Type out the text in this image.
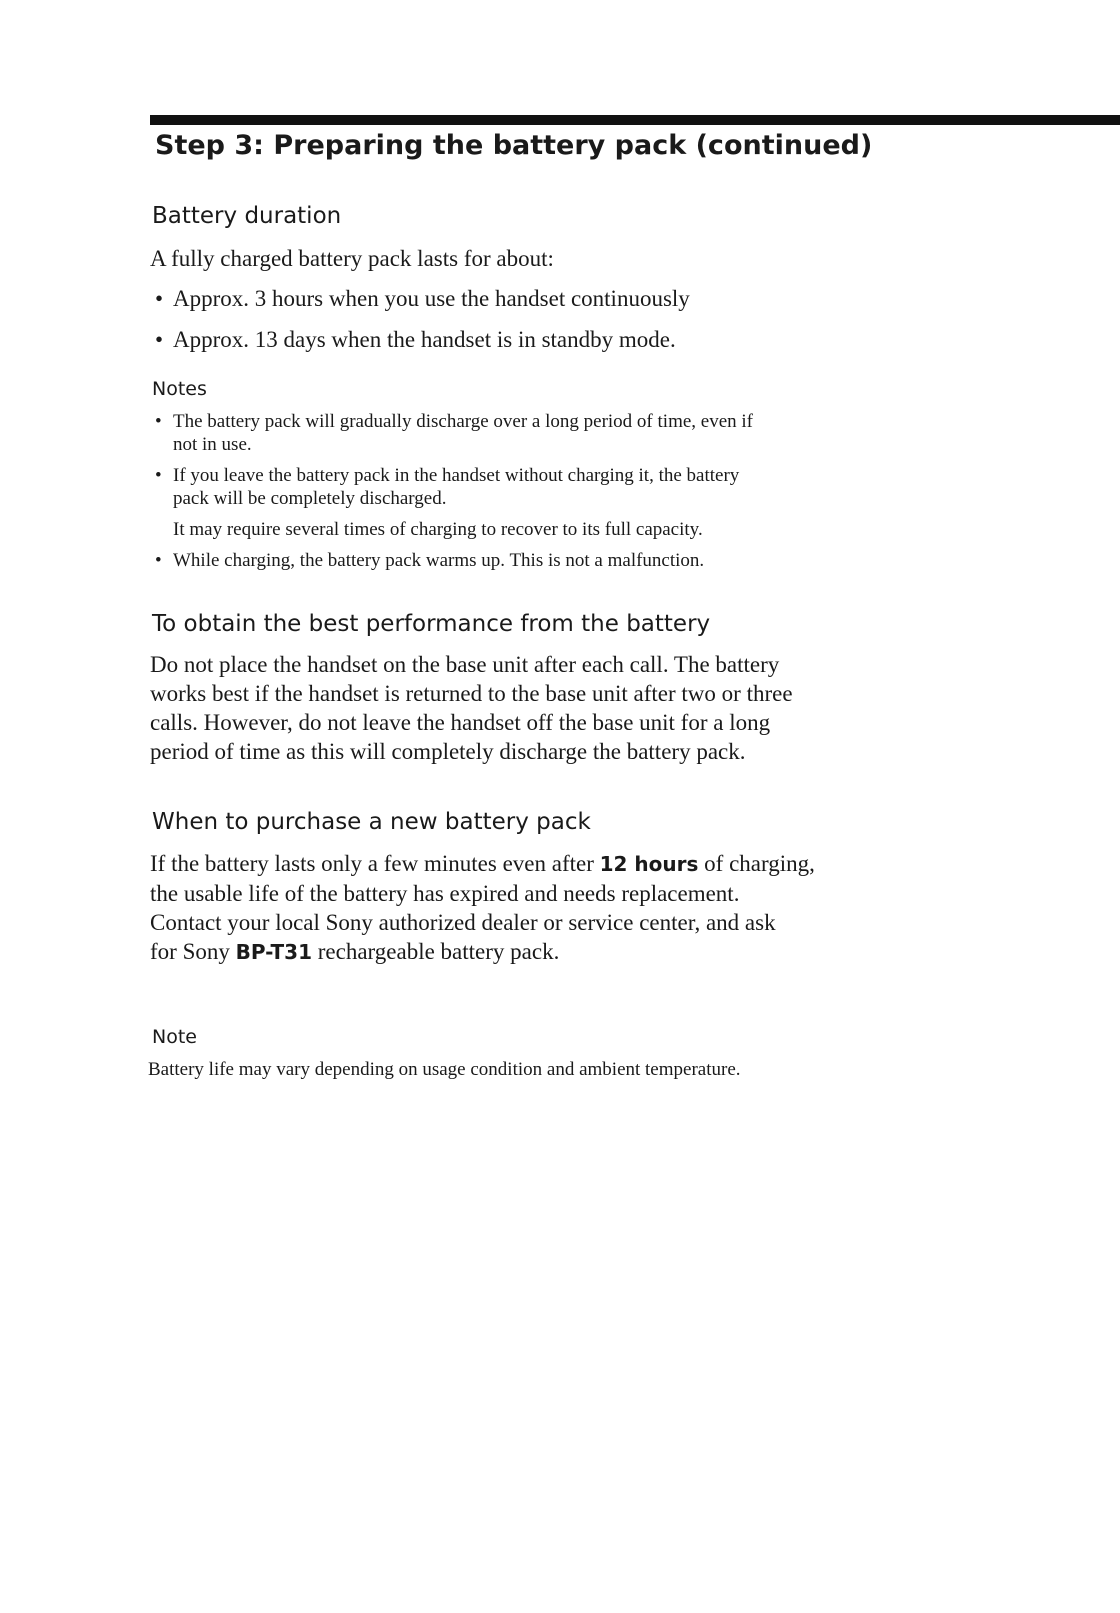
Step 3: Preparing the battery pack (continued)
Battery duration

A fully charged battery pack lasts for about:

• Approx. 3 hours when you use the handset continuously
• Approx. 13 days when the handset is in standby mode.

Notes

• The battery pack will gradually discharge over a long period of time, even if
not in use.
• If you leave the battery pack in the handset without charging it, the battery
pack will be completely discharged.
It may require several times of charging to recover to its full capacity.
• While charging, the battery pack warms up. This is not a malfunction.
To obtain the best performance from the battery

Do not place the handset on the base unit after each call. The battery
works best if the handset is returned to the base unit after two or three
calls. However, do not leave the handset off the base unit for a long
period of time as this will completely discharge the battery pack.

When to purchase a new battery pack

If the battery lasts only a few minutes even after 12 hours of charging,
the usable life of the battery has expired and needs replacement.
Contact your local Sony authorized dealer or service center, and ask
for Sony BP-T31 rechargeable battery pack.

Note

Battery life may vary depending on usage condition and ambient temperature.
